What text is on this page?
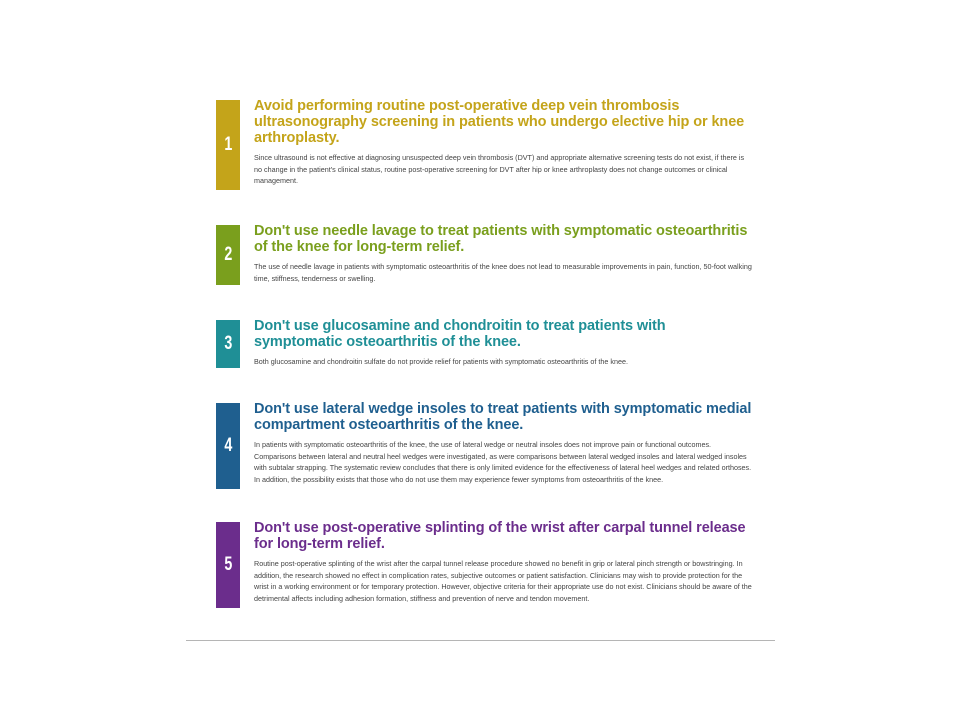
1

Avoid performing routine post-operative deep vein thrombosis ultrasonography screening in patients who undergo elective hip or knee arthroplasty.

Since ultrasound is not effective at diagnosing unsuspected deep vein thrombosis (DVT) and appropriate alternative screening tests do not exist, if there is no change in the patient's clinical status, routine post-operative screening for DVT after hip or knee arthroplasty does not change outcomes or clinical management.

2

Don't use needle lavage to treat patients with symptomatic osteoarthritis of the knee for long-term relief.

The use of needle lavage in patients with symptomatic osteoarthritis of the knee does not lead to measurable improvements in pain, function, 50-foot walking time, stiffness, tenderness or swelling.

3

Don't use glucosamine and chondroitin to treat patients with symptomatic osteoarthritis of the knee.

Both glucosamine and chondroitin sulfate do not provide relief for patients with symptomatic osteoarthritis of the knee.

4

Don't use lateral wedge insoles to treat patients with symptomatic medial compartment osteoarthritis of the knee.

In patients with symptomatic osteoarthritis of the knee, the use of lateral wedge or neutral insoles does not improve pain or functional outcomes. Comparisons between lateral and neutral heel wedges were investigated, as were comparisons between lateral wedged insoles and lateral wedged insoles with subtalar strapping. The systematic review concludes that there is only limited evidence for the effectiveness of lateral heel wedges and related orthoses. In addition, the possibility exists that those who do not use them may experience fewer symptoms from osteoarthritis of the knee.

5

Don't use post-operative splinting of the wrist after carpal tunnel release for long-term relief.

Routine post-operative splinting of the wrist after the carpal tunnel release procedure showed no benefit in grip or lateral pinch strength or bowstringing. In addition, the research showed no effect in complication rates, subjective outcomes or patient satisfaction. Clinicians may wish to provide protection for the wrist in a working environment or for temporary protection. However, objective criteria for their appropriate use do not exist. Clinicians should be aware of the detrimental affects including adhesion formation, stiffness and prevention of nerve and tendon movement.
